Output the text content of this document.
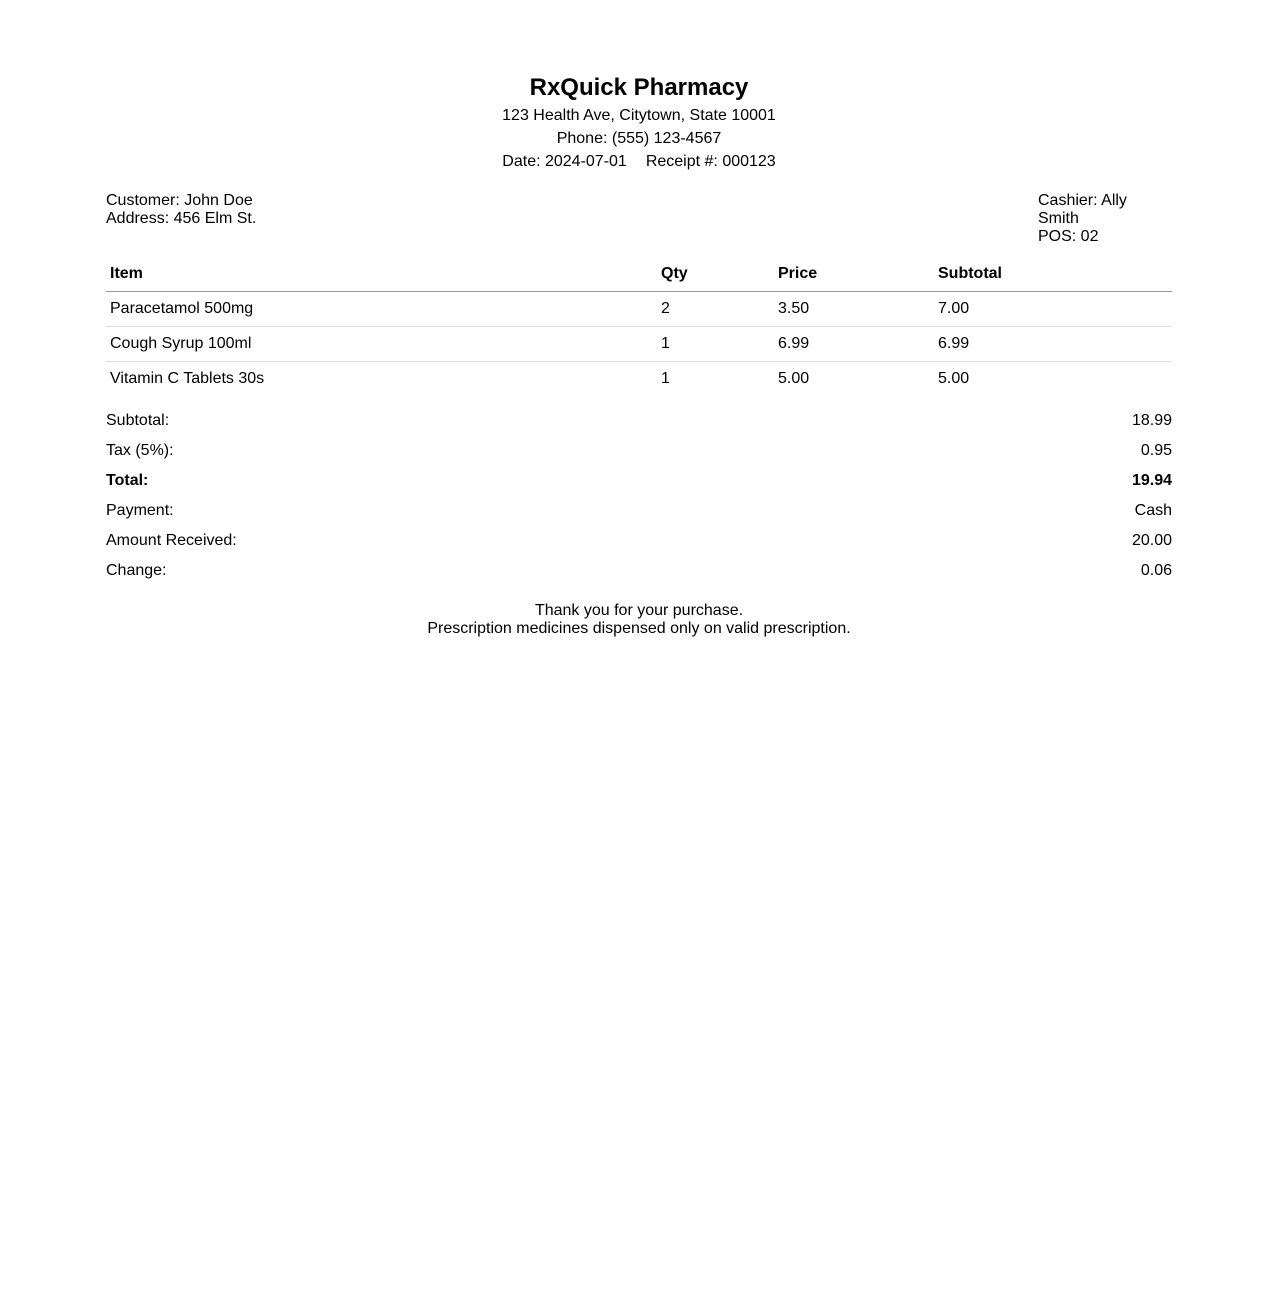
RxQuick Pharmacy
123 Health Ave, Citytown, State 10001
Phone: (555) 123-4567
Date: 2024-07-01 Receipt #: 000123
Customer: John Doe
Address: 456 Elm St.
Cashier: Ally Smith
POS: 02
Item	Qty	Price	Subtotal
Paracetamol 500mg	2	3.50	7.00
Cough Syrup 100ml	1	6.99	6.99
Vitamin C Tablets 30s	1	5.00	5.00
Subtotal:	18.99
Tax (5%):	0.95
Total:	19.94
Payment:	Cash
Amount Received:	20.00
Change:	0.06
Thank you for your purchase.
Prescription medicines dispensed only on valid prescription.
